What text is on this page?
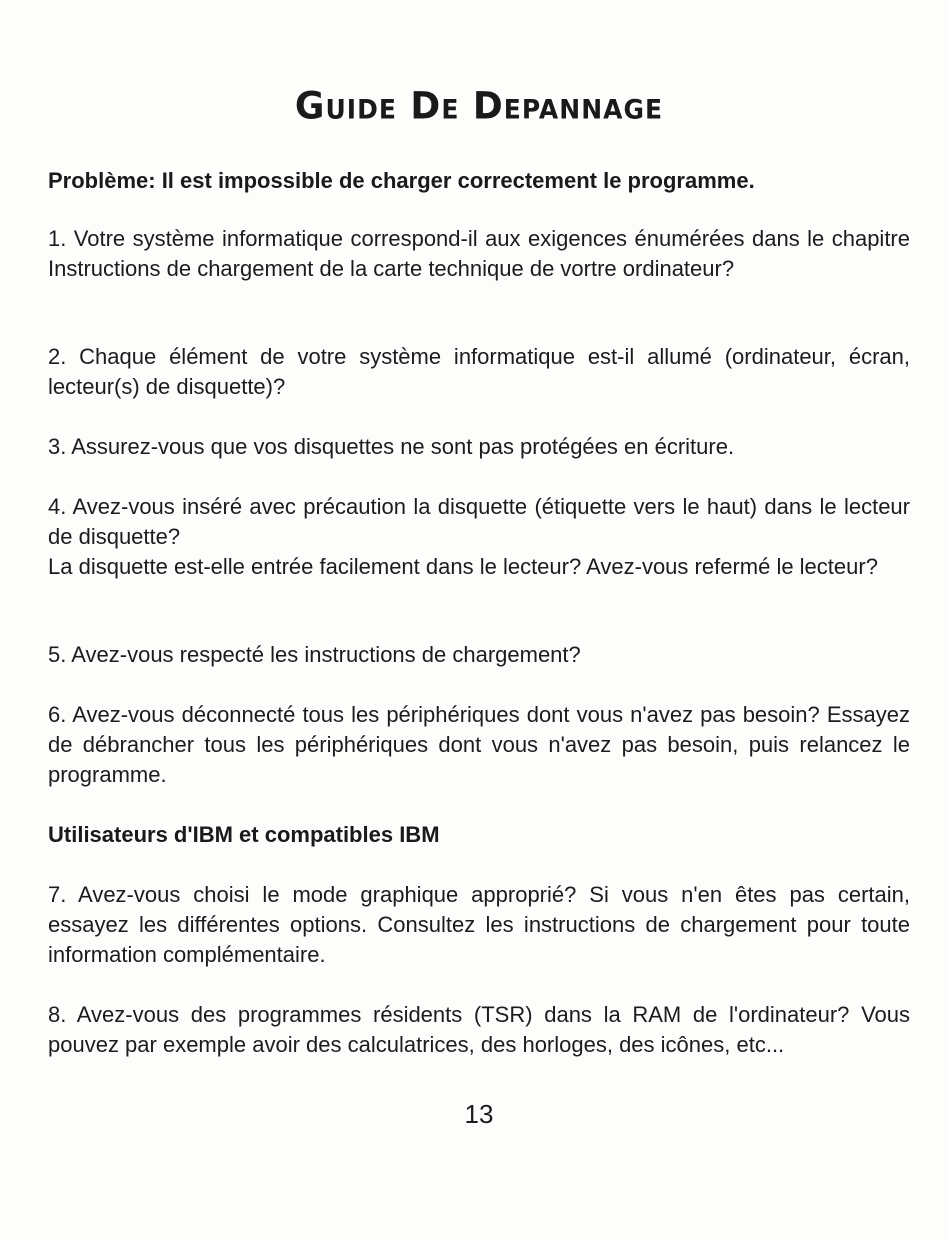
Guide De Depannage
Problème: Il est impossible de charger correctement le programme.
1. Votre système informatique correspond-il aux exigences énumérées dans le chapitre Instructions de chargement de la carte technique de vortre ordinateur?
2. Chaque élément de votre système informatique est-il allumé (ordinateur, écran, lecteur(s) de disquette)?
3. Assurez-vous que vos disquettes ne sont pas protégées en écriture.
4. Avez-vous inséré avec précaution la disquette (étiquette vers le haut) dans le lecteur de disquette?
La disquette est-elle entrée facilement dans le lecteur? Avez-vous refermé le lecteur?
5. Avez-vous respecté les instructions de chargement?
6. Avez-vous déconnecté tous les périphériques dont vous n'avez pas besoin? Essayez de débrancher tous les périphériques dont vous n'avez pas besoin, puis relancez le programme.
Utilisateurs d'IBM et compatibles IBM
7. Avez-vous choisi le mode graphique approprié? Si vous n'en êtes pas certain, essayez les différentes options. Consultez les instructions de chargement pour toute information complémentaire.
8. Avez-vous des programmes résidents (TSR) dans la RAM de l'ordinateur? Vous pouvez par exemple avoir des calculatrices, des horloges, des icônes, etc...
13
